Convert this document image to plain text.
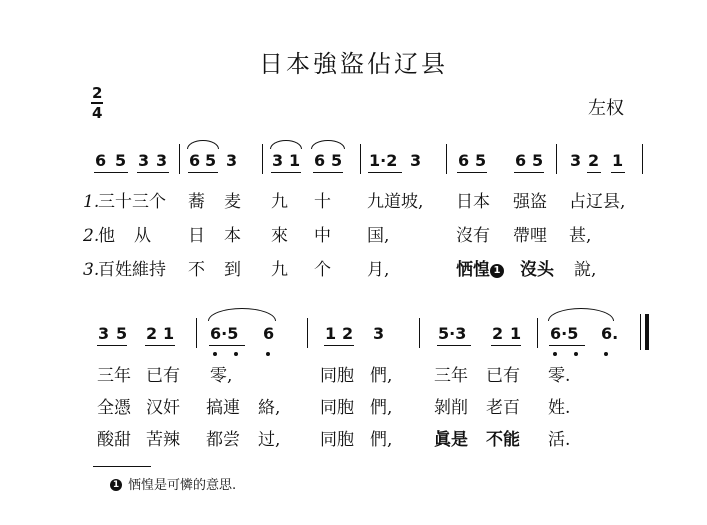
日本強盜佔辽县
左权
2
4
6 5 3 3 6 5 3 3 1 6 5 1·2 3 6 5 6 5 3 2 1
1.
三十三个 蕎 麦 九 十 九道坡, 日本 强盗 占辽县,
2.
他 从 日 本 來 中 国,	沒有 帶哩 甚,
3.
百姓維持 不 到 九 个 月,	恓惶 1 沒头 說,
3 5 2 1 6·5 6	1 2 3	5·3 2 1 6·5 6.
三年 已有 零,	同胞 們, 三年 已有 零.
全憑 汉奸 搞連 絡, 同胞 們, 剝削 老百 姓.
酸甜 苦辣 都尝 过, 同胞 們, 眞是 不能 活.
1 恓惶是可憐的意思.
